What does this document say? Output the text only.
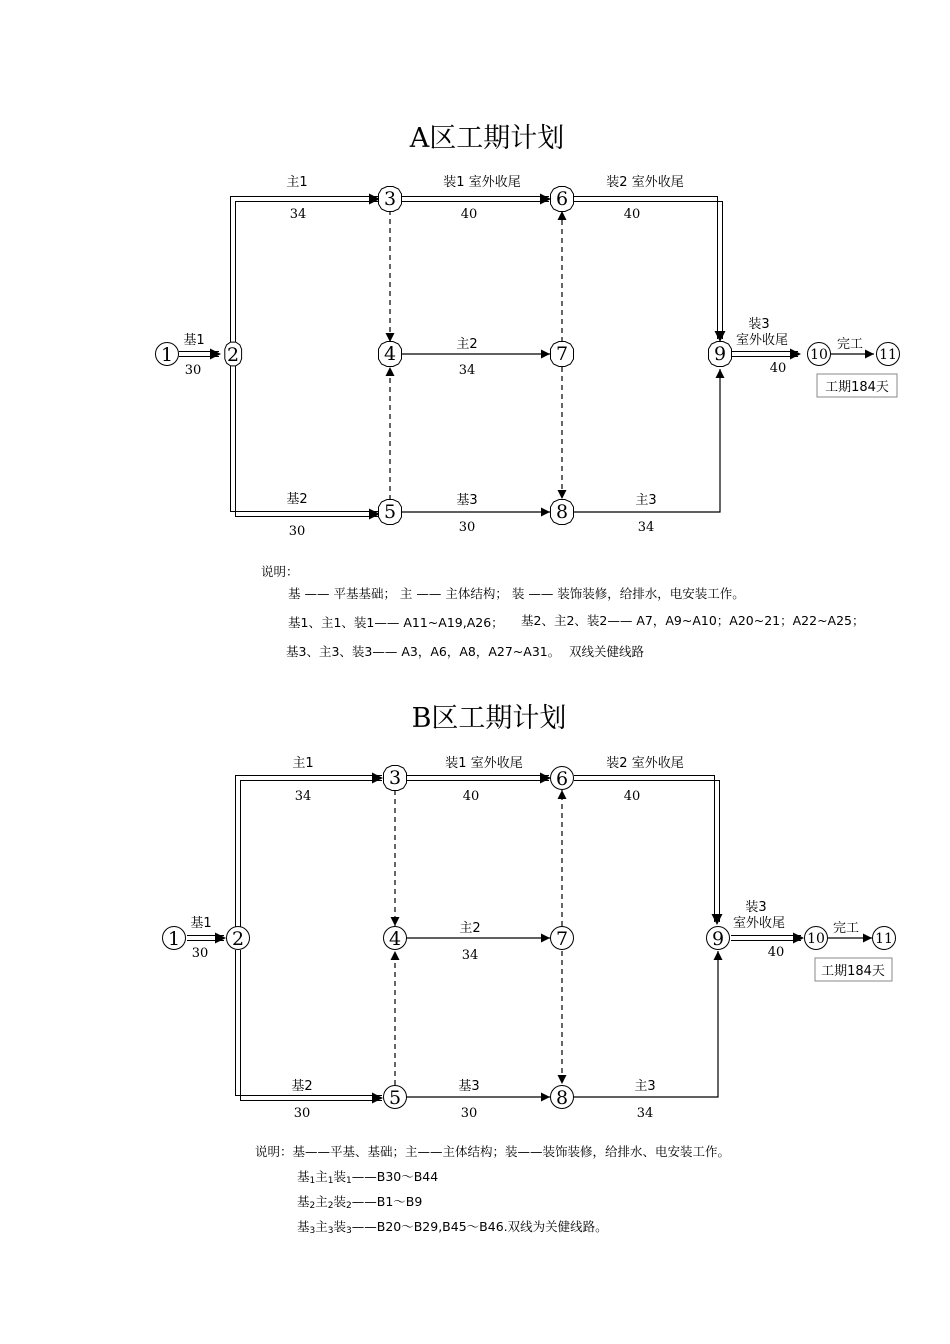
A区工期计划
1	2
3
4
5
6
7
8
9	10	11
基1
30
主1
34
装1 室外收尾
40
装2 室外收尾
40
基2
30
主2
34
基3
30
主3
34
装3
室外收尾
40
完工
工期184天
说明：
基 —— 平基基础； 主 —— 主体结构； 装 —— 装饰装修，给排水，电安装工作。
基1、主1、装1—— A11~A19,A26； 基2、主2、装2—— A7，A9~A10；A20~21；A22~A25；
基3、主3、装3—— A3，A6，A8，A27~A31。 双线关健线路
B区工期计划
1	2
3
4
5
6
7
8
9	10	11
基1
30
主1
34
装1 室外收尾
40
装2 室外收尾
40
基2
30
主2
34
基3
30
主3
34
装3
室外收尾
40
完工
工期184天
说明：基——平基、基础；主——主体结构；装——装饰装修，给排水、电安装工作。
基1主1装1——B30～B44
基2主2装2——B1～B9
基3主3装3——B20～B29,B45～B46.双线为关健线路。
